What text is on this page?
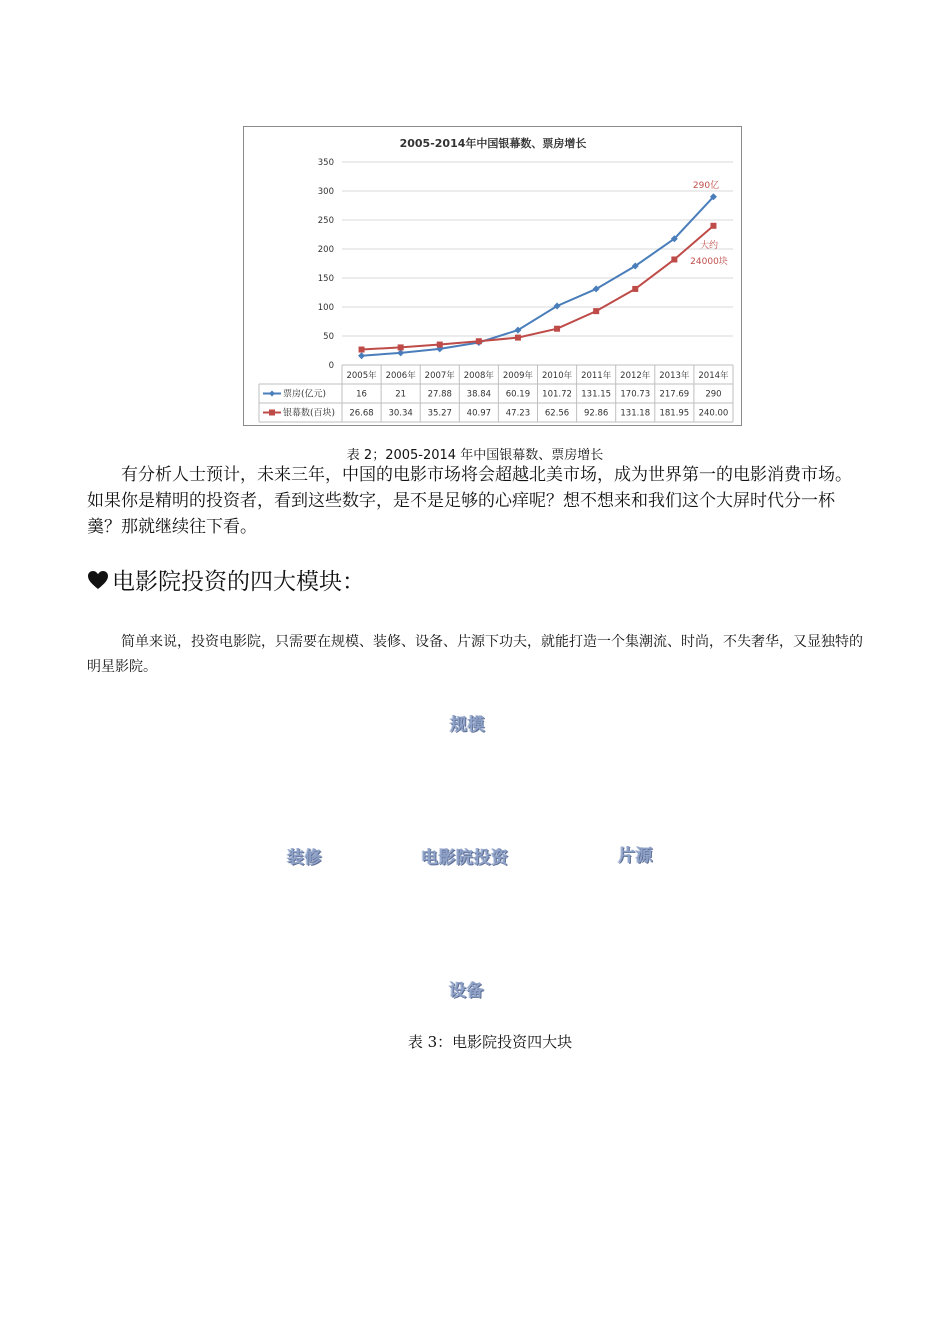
2005-2014年中国银幕数、票房增长
0
50
100
150
200
250
300
350
2005年 2006年 2007年 2008年 2009年 2010年 2011年 2012年 2013年 2014年
票房(亿元)	16	21	27.88 38.84 60.19 101.72 131.15 170.73 217.69 290
银幕数(百块) 26.68 30.34 35.27 40.97 47.23 62.56 92.86 131.18 181.95 240.00
290亿
大约
24000块
表 2；2005-2014 年中国银幕数、票房增长

有分析人士预计，未来三年，中国的电影市场将会超越北美市场，成为世界第一的电影消费市场。如果你是精明的投资者，看到这些数字，是不是足够的心痒呢？想不想来和我们这个大屏时代分一杯羹？那就继续往下看。

电影院投资的四大模块：

简单来说，投资电影院，只需要在规模、装修、设备、片源下功夫，就能打造一个集潮流、时尚，不失奢华，又显独特的明星影院。

规模
装修	电影院投资	片源
设备
表 3：电影院投资四大块
